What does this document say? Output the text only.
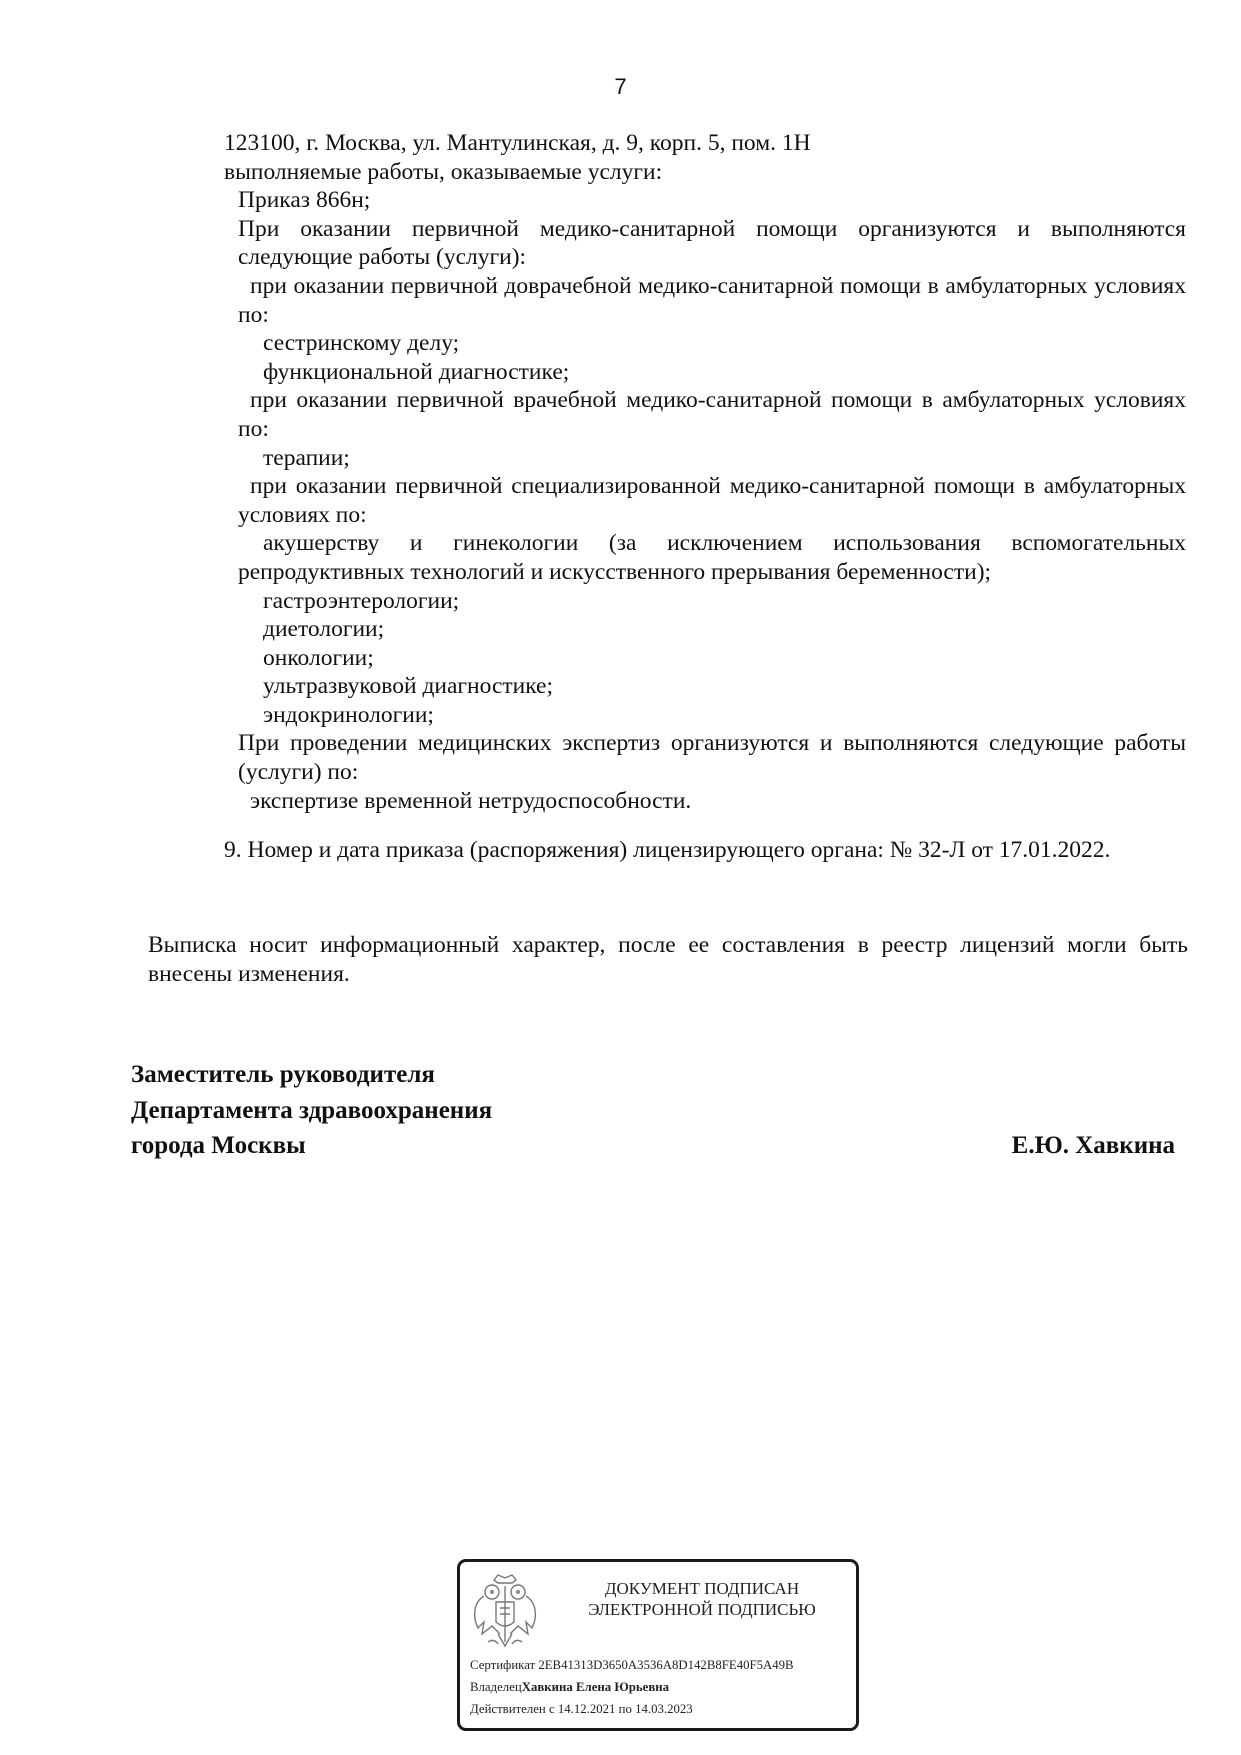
7
123100, г. Москва, ул. Мантулинская, д. 9, корп. 5, пом. 1Н
выполняемые работы, оказываемые услуги:
Приказ 866н;
При оказании первичной медико-санитарной помощи организуются и выполняются следующие работы (услуги):
при оказании первичной доврачебной медико-санитарной помощи в амбулаторных условиях по:
сестринскому делу;
функциональной диагностике;
при оказании первичной врачебной медико-санитарной помощи в амбулаторных условиях по:
терапии;
при оказании первичной специализированной медико-санитарной помощи в амбулаторных условиях по:
акушерству и гинекологии (за исключением использования вспомогательных репродуктивных технологий и искусственного прерывания беременности);
гастроэнтерологии;
диетологии;
онкологии;
ультразвуковой диагностике;
эндокринологии;
При проведении медицинских экспертиз организуются и выполняются следующие работы (услуги) по:
экспертизе временной нетрудоспособности.
9. Номер и дата приказа (распоряжения) лицензирующего органа: № 32-Л от 17.01.2022.
Выписка носит информационный характер, после ее составления в реестр лицензий могли быть внесены изменения.
Заместитель руководителя
Департамента здравоохранения
города Москвы	Е.Ю. Хавкина
ДОКУМЕНТ ПОДПИСАН
ЭЛЕКТРОННОЙ ПОДПИСЬЮ
Сертификат 2EB41313D3650A3536A8D142B8FE40F5A49B
ВладелецХавкина Елена Юрьевна
Действителен с 14.12.2021 по 14.03.2023
